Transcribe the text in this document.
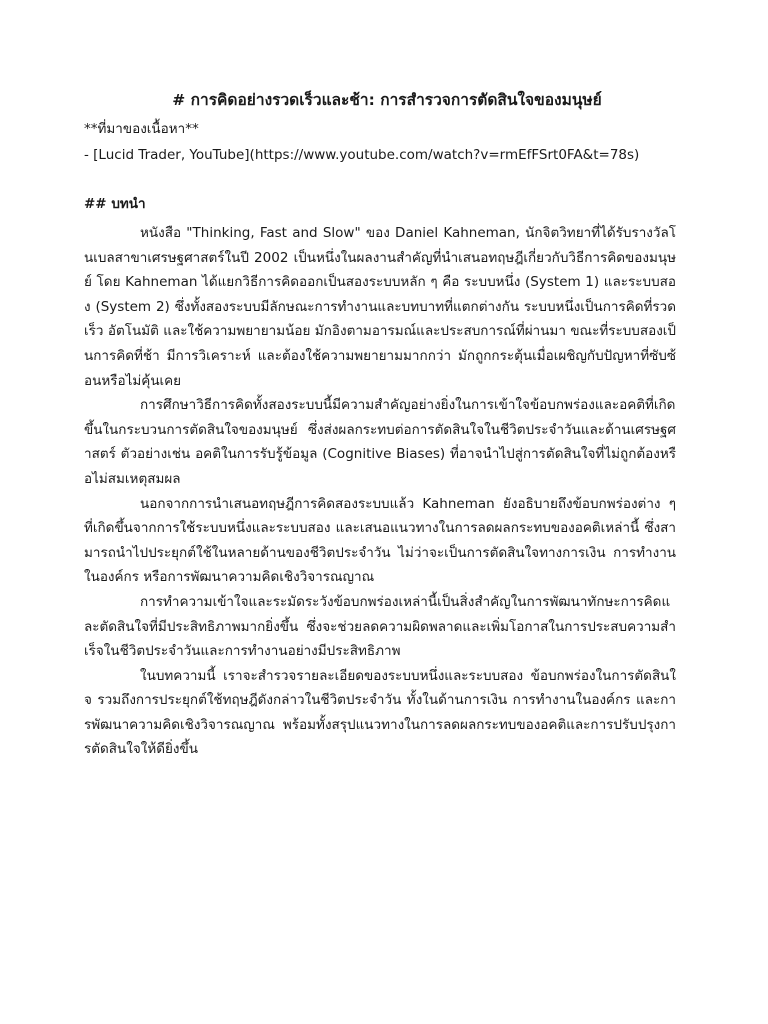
# การคิดอย่างรวดเร็วและช้า: การสำรวจการตัดสินใจของมนุษย์
**ที่มาของเนื้อหา**
- [Lucid Trader, YouTube](https://www.youtube.com/watch?v=rmEfFSrt0FA&t=78s)
## บทนำ

หนังสือ "Thinking, Fast and Slow" ของ Daniel Kahneman, นักจิตวิทยาที่ได้รับรางวัลโนเบลสาขาเศรษฐศาสตร์ในปี 2002 เป็นหนึ่งในผลงานสำคัญที่นำเสนอทฤษฎีเกี่ยวกับวิธีการคิดของมนุษย์ โดย Kahneman ได้แยกวิธีการคิดออกเป็นสองระบบหลัก ๆ คือ ระบบหนึ่ง (System 1) และระบบสอง (System 2) ซึ่งทั้งสองระบบมีลักษณะการทำงานและบทบาทที่แตกต่างกัน ระบบหนึ่งเป็นการคิดที่รวดเร็ว อัตโนมัติ และใช้ความพยายามน้อย มักอิงตามอารมณ์และประสบการณ์ที่ผ่านมา ขณะที่ระบบสองเป็นการคิดที่ช้า มีการวิเคราะห์ และต้องใช้ความพยายามมากกว่า มักถูกกระตุ้นเมื่อเผชิญกับปัญหาที่ซับซ้อนหรือไม่คุ้นเคย

การศึกษาวิธีการคิดทั้งสองระบบนี้มีความสำคัญอย่างยิ่งในการเข้าใจข้อบกพร่องและอคติที่เกิดขึ้นในกระบวนการตัดสินใจของมนุษย์ ซึ่งส่งผลกระทบต่อการตัดสินใจในชีวิตประจำวันและด้านเศรษฐศาสตร์ ตัวอย่างเช่น อคติในการรับรู้ข้อมูล (Cognitive Biases) ที่อาจนำไปสู่การตัดสินใจที่ไม่ถูกต้องหรือไม่สมเหตุสมผล

นอกจากการนำเสนอทฤษฎีการคิดสองระบบแล้ว Kahneman ยังอธิบายถึงข้อบกพร่องต่าง ๆ ที่เกิดขึ้นจากการใช้ระบบหนึ่งและระบบสอง และเสนอแนวทางในการลดผลกระทบของอคติเหล่านี้ ซึ่งสามารถนำไปประยุกต์ใช้ในหลายด้านของชีวิตประจำวัน ไม่ว่าจะเป็นการตัดสินใจทางการเงิน การทำงานในองค์กร หรือการพัฒนาความคิดเชิงวิจารณญาณ

การทำความเข้าใจและระมัดระวังข้อบกพร่องเหล่านี้เป็นสิ่งสำคัญในการพัฒนาทักษะการคิดและตัดสินใจที่มีประสิทธิภาพมากยิ่งขึ้น ซึ่งจะช่วยลดความผิดพลาดและเพิ่มโอกาสในการประสบความสำเร็จในชีวิตประจำวันและการทำงานอย่างมีประสิทธิภาพ

ในบทความนี้ เราจะสำรวจรายละเอียดของระบบหนึ่งและระบบสอง ข้อบกพร่องในการตัดสินใจ รวมถึงการประยุกต์ใช้ทฤษฎีดังกล่าวในชีวิตประจำวัน ทั้งในด้านการเงิน การทำงานในองค์กร และการพัฒนาความคิดเชิงวิจารณญาณ พร้อมทั้งสรุปแนวทางในการลดผลกระทบของอคติและการปรับปรุงการตัดสินใจให้ดียิ่งขึ้น
